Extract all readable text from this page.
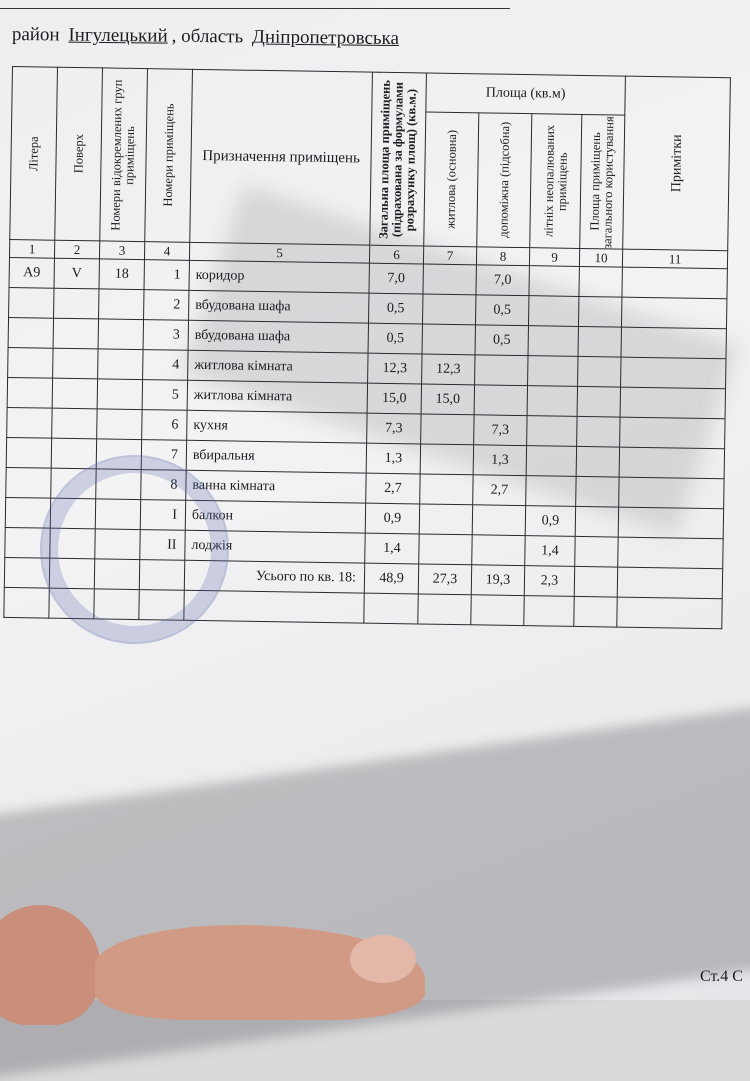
район Інгулецький , область Дніпропетровська
Літера	Поверх	Номери відокремлених груп приміщень	Номери приміщень	Призначення приміщень	Загальна площа приміщень (підрахована за формулами розрахунку площ) (кв.м.)	Площа (кв.м)				Примітки

						житлова (основна)	допоміжна (підсобна)	літніх неопалюваних приміщень	Площа приміщень загального користування	

1	2	3	4	5	6	7	8	9	10	11
А9	V	18	1	коридор	7,0		7,0			
			2	вбудована шафа	0,5		0,5			
			3	вбудована шафа	0,5		0,5			
			4	житлова кімната	12,3	12,3				
			5	житлова кімната	15,0	15,0				
			6	кухня	7,3		7,3			
			7	вбиральня	1,3		1,3			
			8	ванна кімната	2,7		2,7			
			I	балкон	0,9			0,9		
			II	лоджія	1,4			1,4		
				Усього по кв. 18:	48,9	27,3	19,3	2,3		

Ст.4 С
